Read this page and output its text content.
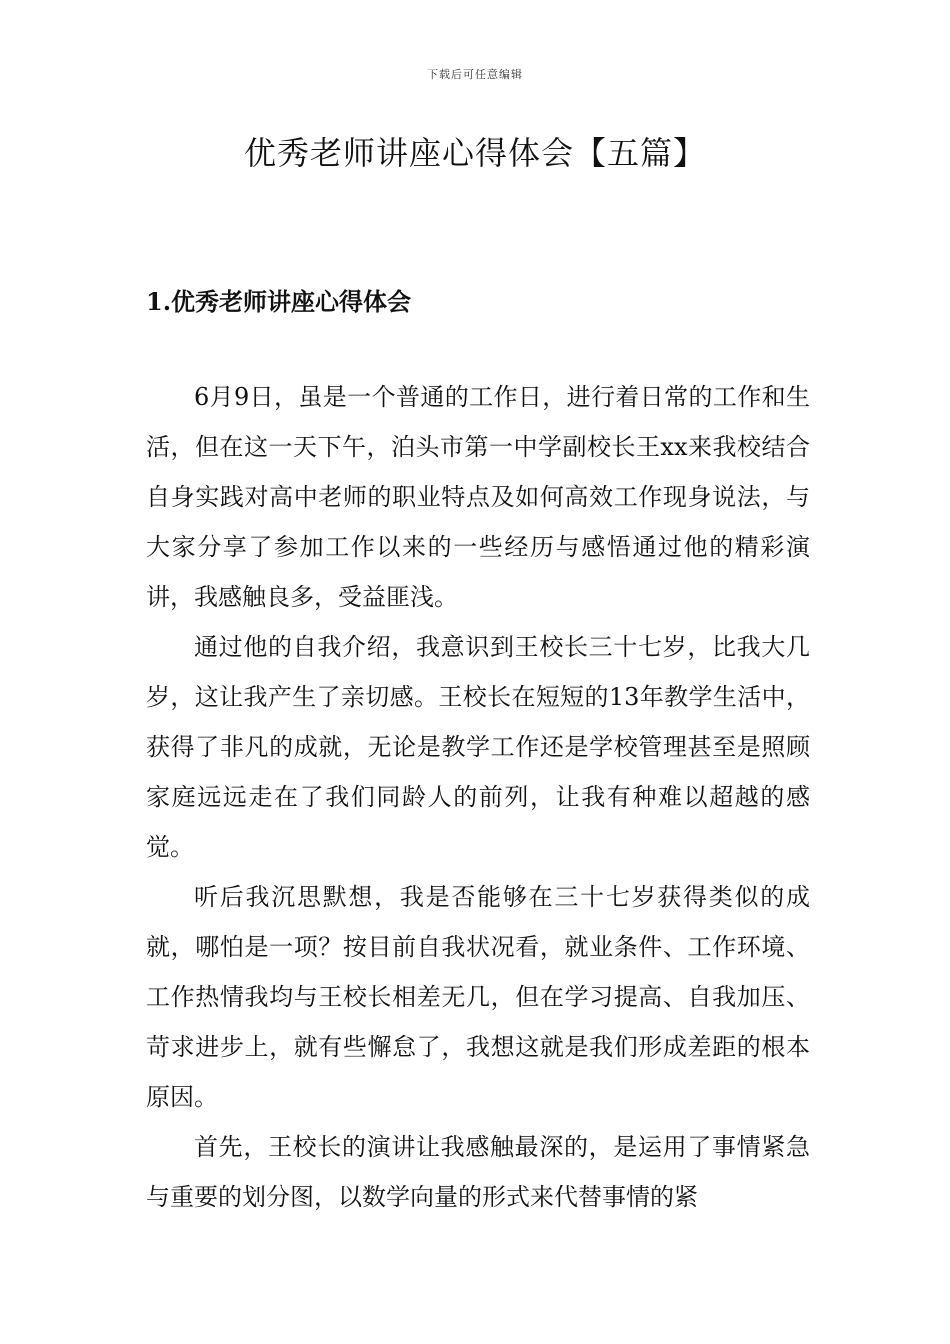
下载后可任意编辑
优秀老师讲座心得体会【五篇】
1.优秀老师讲座心得体会

6月9日，虽是一个普通的工作日，进行着日常的工作和生活，但在这一天下午，泊头市第一中学副校长王xx来我校结合自身实践对高中老师的职业特点及如何高效工作现身说法，与大家分享了参加工作以来的一些经历与感悟通过他的精彩演讲，我感触良多，受益匪浅。

通过他的自我介绍，我意识到王校长三十七岁，比我大几岁，这让我产生了亲切感。王校长在短短的13年教学生活中，获得了非凡的成就，无论是教学工作还是学校管理甚至是照顾家庭远远走在了我们同龄人的前列，让我有种难以超越的感觉。

听后我沉思默想，我是否能够在三十七岁获得类似的成就，哪怕是一项？按目前自我状况看，就业条件、工作环境、工作热情我均与王校长相差无几，但在学习提高、自我加压、苛求进步上，就有些懈怠了，我想这就是我们形成差距的根本原因。

首先，王校长的演讲让我感触最深的，是运用了事情紧急与重要的划分图，以数学向量的形式来代替事情的紧
